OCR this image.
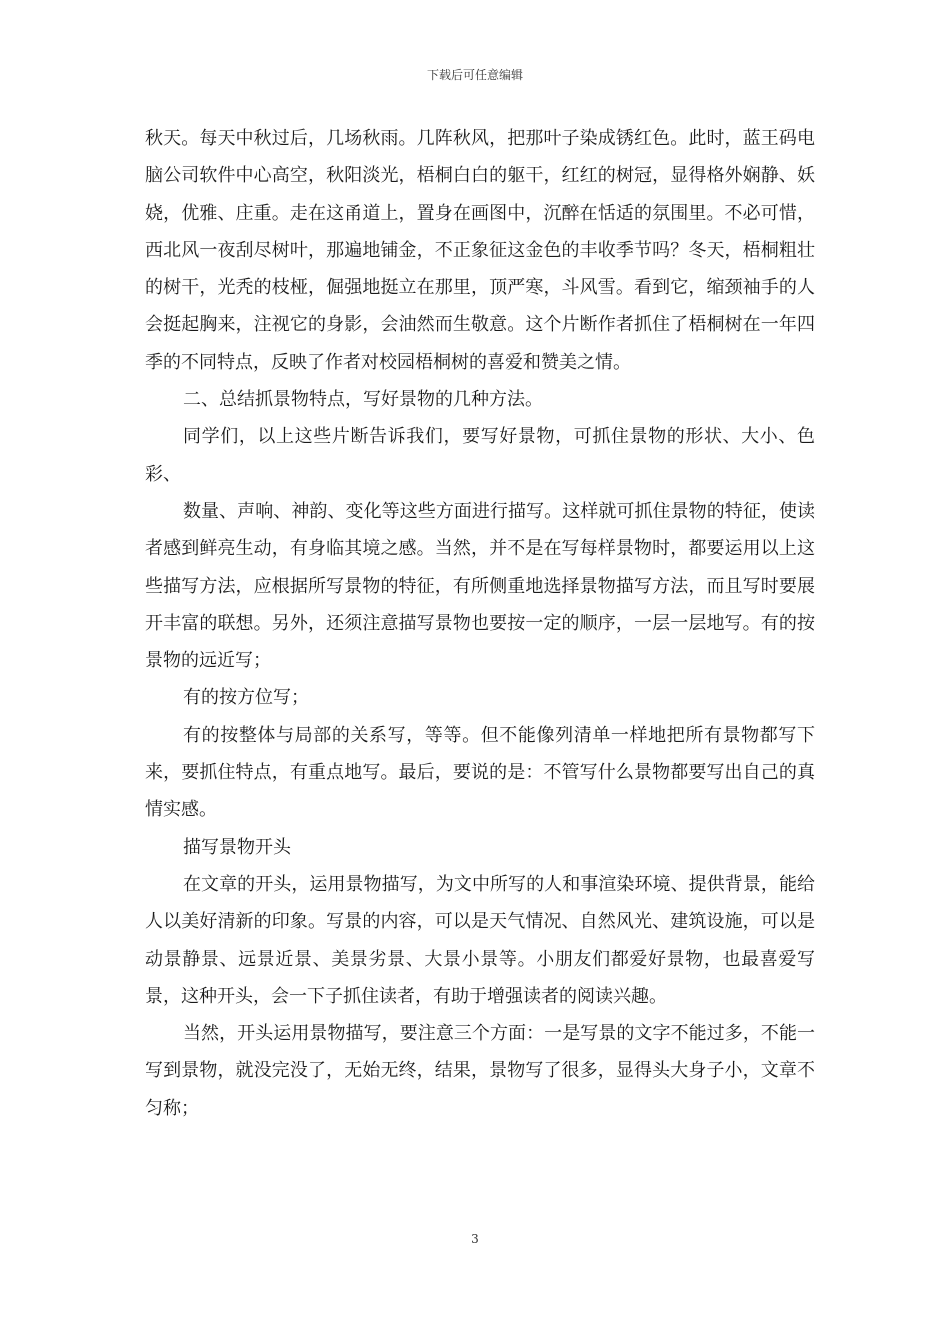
下载后可任意编辑

秋天。每天中秋过后，几场秋雨。几阵秋风，把那叶子染成锈红色。此时，蓝王码电脑公司软件中心高空，秋阳淡光，梧桐白白的躯干，红红的树冠，显得格外娴静、妖娆，优雅、庄重。走在这甬道上，置身在画图中，沉醉在恬适的氛围里。不必可惜，西北风一夜刮尽树叶，那遍地铺金，不正象征这金色的丰收季节吗？冬天，梧桐粗壮的树干，光秃的枝桠，倔强地挺立在那里，顶严寒，斗风雪。看到它，缩颈袖手的人会挺起胸来，注视它的身影，会油然而生敬意。这个片断作者抓住了梧桐树在一年四季的不同特点，反映了作者对校园梧桐树的喜爱和赞美之情。

二、总结抓景物特点，写好景物的几种方法。

同学们，以上这些片断告诉我们，要写好景物，可抓住景物的形状、大小、色彩、

数量、声响、神韵、变化等这些方面进行描写。这样就可抓住景物的特征，使读者感到鲜亮生动，有身临其境之感。当然，并不是在写每样景物时，都要运用以上这些描写方法，应根据所写景物的特征，有所侧重地选择景物描写方法，而且写时要展开丰富的联想。另外，还须注意描写景物也要按一定的顺序，一层一层地写。有的按景物的远近写；

有的按方位写；

有的按整体与局部的关系写，等等。但不能像列清单一样地把所有景物都写下来，要抓住特点，有重点地写。最后，要说的是：不管写什么景物都要写出自己的真情实感。

描写景物开头

在文章的开头，运用景物描写，为文中所写的人和事渲染环境、提供背景，能给人以美好清新的印象。写景的内容，可以是天气情况、自然风光、建筑设施，可以是动景静景、远景近景、美景劣景、大景小景等。小朋友们都爱好景物，也最喜爱写景，这种开头，会一下子抓住读者，有助于增强读者的阅读兴趣。

当然，开头运用景物描写，要注意三个方面：一是写景的文字不能过多，不能一写到景物，就没完没了，无始无终，结果，景物写了很多，显得头大身子小，文章不匀称；

3
